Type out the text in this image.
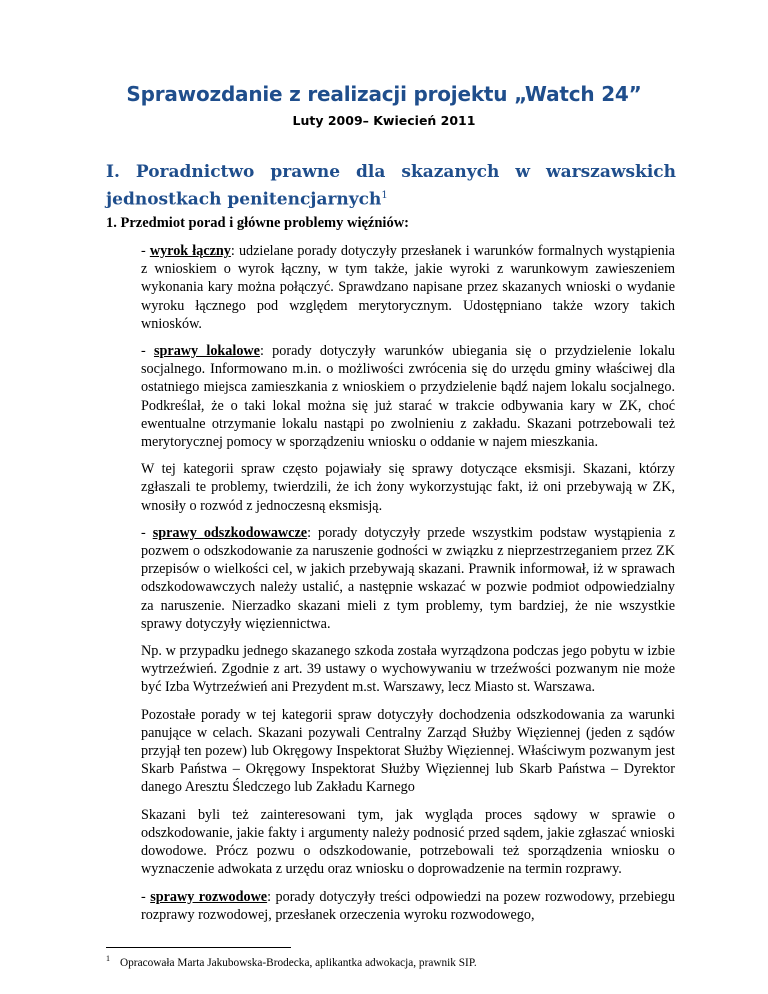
Sprawozdanie z realizacji projektu „Watch 24”
Luty 2009– Kwiecień 2011
I. Poradnictwo prawne dla skazanych w warszawskich jednostkach penitencjarnych$^1$
1. Przedmiot porad i główne problemy więźniów:

- wyrok łączny: udzielane porady dotyczyły przesłanek i warunków formalnych wystąpienia z wnioskiem o wyrok łączny, w tym także, jakie wyroki z warunkowym zawieszeniem wykonania kary można połączyć. Sprawdzano napisane przez skazanych wnioski o wydanie wyroku łącznego pod względem merytorycznym. Udostępniano także wzory takich wniosków.

- sprawy lokalowe: porady dotyczyły warunków ubiegania się o przydzielenie lokalu socjalnego. Informowano m.in. o możliwości zwrócenia się do urzędu gminy właściwej dla ostatniego miejsca zamieszkania z wnioskiem o przydzielenie bądź najem lokalu socjalnego. Podkreślał, że o taki lokal można się już starać w trakcie odbywania kary w ZK, choć ewentualne otrzymanie lokalu nastąpi po zwolnieniu z zakładu. Skazani potrzebowali też merytorycznej pomocy w sporządzeniu wniosku o oddanie w najem mieszkania.

W tej kategorii spraw często pojawiały się sprawy dotyczące eksmisji. Skazani, którzy zgłaszali te problemy, twierdzili, że ich żony wykorzystując fakt, iż oni przebywają w ZK, wnosiły o rozwód z jednoczesną eksmisją.

- sprawy odszkodowawcze: porady dotyczyły przede wszystkim podstaw wystąpienia z pozwem o odszkodowanie za naruszenie godności w związku z nieprzestrzeganiem przez ZK przepisów o wielkości cel, w jakich przebywają skazani. Prawnik informował, iż w sprawach odszkodowawczych należy ustalić, a następnie wskazać w pozwie podmiot odpowiedzialny za naruszenie. Nierzadko skazani mieli z tym problemy, tym bardziej, że nie wszystkie sprawy dotyczyły więziennictwa.

Np. w przypadku jednego skazanego szkoda została wyrządzona podczas jego pobytu w izbie wytrzeźwień. Zgodnie z art. 39 ustawy o wychowywaniu w trzeźwości pozwanym nie może być Izba Wytrzeźwień ani Prezydent m.st. Warszawy, lecz Miasto st. Warszawa.

Pozostałe porady w tej kategorii spraw dotyczyły dochodzenia odszkodowania za warunki panujące w celach. Skazani pozywali Centralny Zarząd Służby Więziennej (jeden z sądów przyjął ten pozew) lub Okręgowy Inspektorat Służby Więziennej. Właściwym pozwanym jest Skarb Państwa – Okręgowy Inspektorat Służby Więziennej lub Skarb Państwa – Dyrektor danego Aresztu Śledczego lub Zakładu Karnego

Skazani byli też zainteresowani tym, jak wygląda proces sądowy w sprawie o odszkodowanie, jakie fakty i argumenty należy podnosić przed sądem, jakie zgłaszać wnioski dowodowe. Prócz pozwu o odszkodowanie, potrzebowali też sporządzenia wniosku o wyznaczenie adwokata z urzędu oraz wniosku o doprowadzenie na termin rozprawy.

- sprawy rozwodowe: porady dotyczyły treści odpowiedzi na pozew rozwodowy, przebiegu rozprawy rozwodowej, przesłanek orzeczenia wyroku rozwodowego,

$^1$ Opracowała Marta Jakubowska-Brodecka, aplikantka adwokacja, prawnik SIP.
